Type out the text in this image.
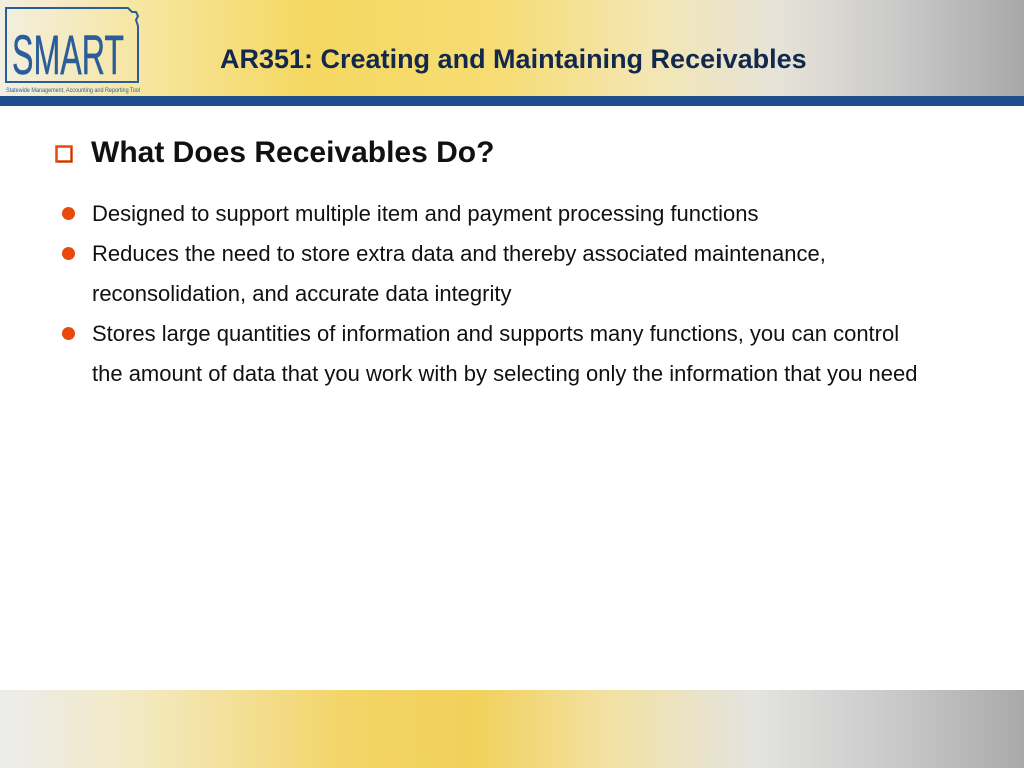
SMART
Statewide Management, Accounting and Reporting Tool
AR351: Creating and Maintaining Receivables
What Does Receivables Do?
Designed to support multiple item and payment processing functions
Reduces the need to store extra data and thereby associated maintenance, reconsolidation, and accurate data integrity
Stores large quantities of information and supports many functions, you can control the amount of data that you work with by selecting only the information that you need
